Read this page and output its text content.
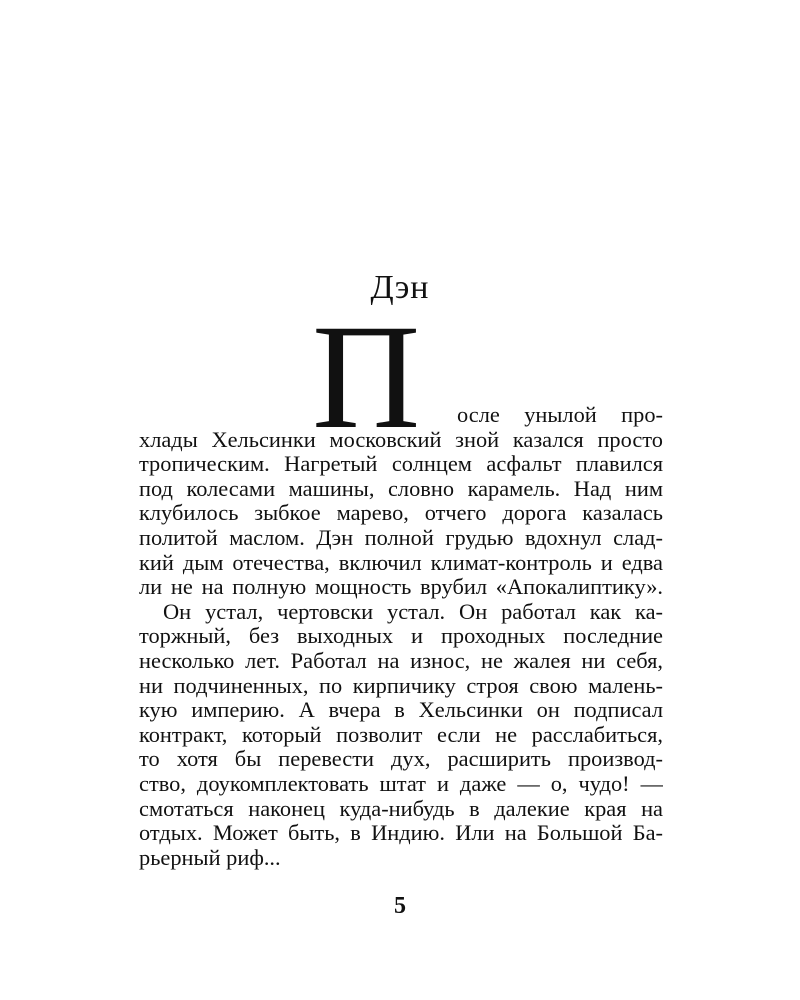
Дэн
П осле унылой про-
хлады Хельсинки московский зной казался просто
тропическим. Нагретый солнцем асфальт плавился
под колесами машины, словно карамель. Над ним
клубилось зыбкое марево, отчего дорога казалась
политой маслом. Дэн полной грудью вдохнул слад-
кий дым отечества, включил климат-контроль и едва
ли не на полную мощность врубил «Апокалиптику».
Он устал, чертовски устал. Он работал как ка-
торжный, без выходных и проходных последние
несколько лет. Работал на износ, не жалея ни себя,
ни подчиненных, по кирпичику строя свою малень-
кую империю. А вчера в Хельсинки он подписал
контракт, который позволит если не расслабиться,
то хотя бы перевести дух, расширить производ-
ство, доукомплектовать штат и даже — о, чудо! —
смотаться наконец куда-нибудь в далекие края на
отдых. Может быть, в Индию. Или на Большой Ба-
рьерный риф...
5
